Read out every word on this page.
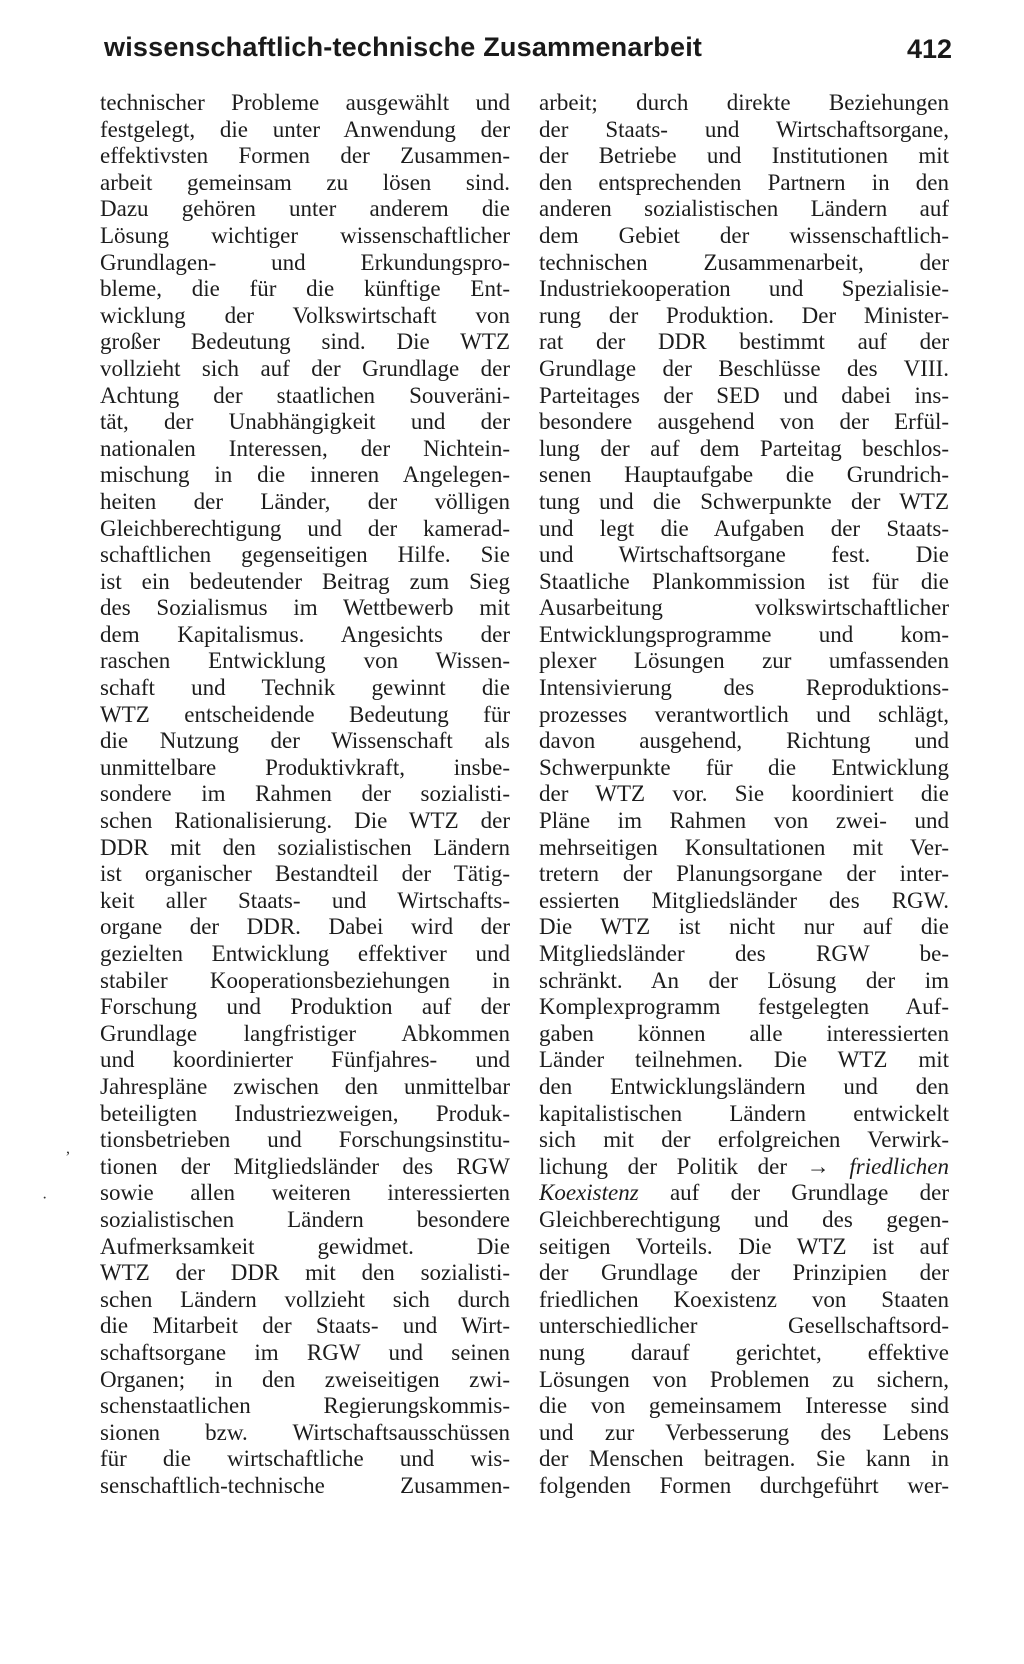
wissenschaftlich-technische Zusammenarbeit	412
technischer Probleme ausgewählt und
festgelegt, die unter Anwendung der
effektivsten Formen der Zusammen-
arbeit gemeinsam zu lösen sind.
Dazu gehören unter anderem die
Lösung wichtiger wissenschaftlicher
Grundlagen- und Erkundungspro-
bleme, die für die künftige Ent-
wicklung der Volkswirtschaft von
großer Bedeutung sind. Die WTZ
vollzieht sich auf der Grundlage der
Achtung der staatlichen Souveräni-
tät, der Unabhängigkeit und der
nationalen Interessen, der Nichtein-
mischung in die inneren Angelegen-
heiten der Länder, der völligen
Gleichberechtigung und der kamerad-
schaftlichen gegenseitigen Hilfe. Sie
ist ein bedeutender Beitrag zum Sieg
des Sozialismus im Wettbewerb mit
dem Kapitalismus. Angesichts der
raschen Entwicklung von Wissen-
schaft und Technik gewinnt die
WTZ entscheidende Bedeutung für
die Nutzung der Wissenschaft als
unmittelbare Produktivkraft, insbe-
sondere im Rahmen der sozialisti-
schen Rationalisierung. Die WTZ der
DDR mit den sozialistischen Ländern
ist organischer Bestandteil der Tätig-
keit aller Staats- und Wirtschafts-
organe der DDR. Dabei wird der
gezielten Entwicklung effektiver und
stabiler Kooperationsbeziehungen in
Forschung und Produktion auf der
Grundlage langfristiger Abkommen
und koordinierter Fünfjahres- und
Jahrespläne zwischen den unmittelbar
beteiligten Industriezweigen, Produk-
tionsbetrieben und Forschungsinstitu-
tionen der Mitgliedsländer des RGW
sowie allen weiteren interessierten
sozialistischen Ländern besondere
Aufmerksamkeit gewidmet. Die
WTZ der DDR mit den sozialisti-
schen Ländern vollzieht sich durch
die Mitarbeit der Staats- und Wirt-
schaftsorgane im RGW und seinen
Organen; in den zweiseitigen zwi-
schenstaatlichen Regierungskommis-
sionen bzw. Wirtschaftsausschüssen
für die wirtschaftliche und wis-
senschaftlich-technische Zusammen-
arbeit; durch direkte Beziehungen
der Staats- und Wirtschaftsorgane,
der Betriebe und Institutionen mit
den entsprechenden Partnern in den
anderen sozialistischen Ländern auf
dem Gebiet der wissenschaftlich-
technischen Zusammenarbeit, der
Industriekooperation und Spezialisie-
rung der Produktion. Der Minister-
rat der DDR bestimmt auf der
Grundlage der Beschlüsse des VIII.
Parteitages der SED und dabei ins-
besondere ausgehend von der Erfül-
lung der auf dem Parteitag beschlos-
senen Hauptaufgabe die Grundrich-
tung und die Schwerpunkte der WTZ
und legt die Aufgaben der Staats-
und Wirtschaftsorgane fest. Die
Staatliche Plankommission ist für die
Ausarbeitung volkswirtschaftlicher
Entwicklungsprogramme und kom-
plexer Lösungen zur umfassenden
Intensivierung des Reproduktions-
prozesses verantwortlich und schlägt,
davon ausgehend, Richtung und
Schwerpunkte für die Entwicklung
der WTZ vor. Sie koordiniert die
Pläne im Rahmen von zwei- und
mehrseitigen Konsultationen mit Ver-
tretern der Planungsorgane der inter-
essierten Mitgliedsländer des RGW.
Die WTZ ist nicht nur auf die
Mitgliedsländer des RGW be-
schränkt. An der Lösung der im
Komplexprogramm festgelegten Auf-
gaben können alle interessierten
Länder teilnehmen. Die WTZ mit
den Entwicklungsländern und den
kapitalistischen Ländern entwickelt
sich mit der erfolgreichen Verwirk-
lichung der Politik der → friedlichen
Koexistenz auf der Grundlage der
Gleichberechtigung und des gegen-
seitigen Vorteils. Die WTZ ist auf
der Grundlage der Prinzipien der
friedlichen Koexistenz von Staaten
unterschiedlicher Gesellschaftsord-
nung darauf gerichtet, effektive
Lösungen von Problemen zu sichern,
die von gemeinsamem Interesse sind
und zur Verbesserung des Lebens
der Menschen beitragen. Sie kann in
folgenden Formen durchgeführt wer-
,
·
